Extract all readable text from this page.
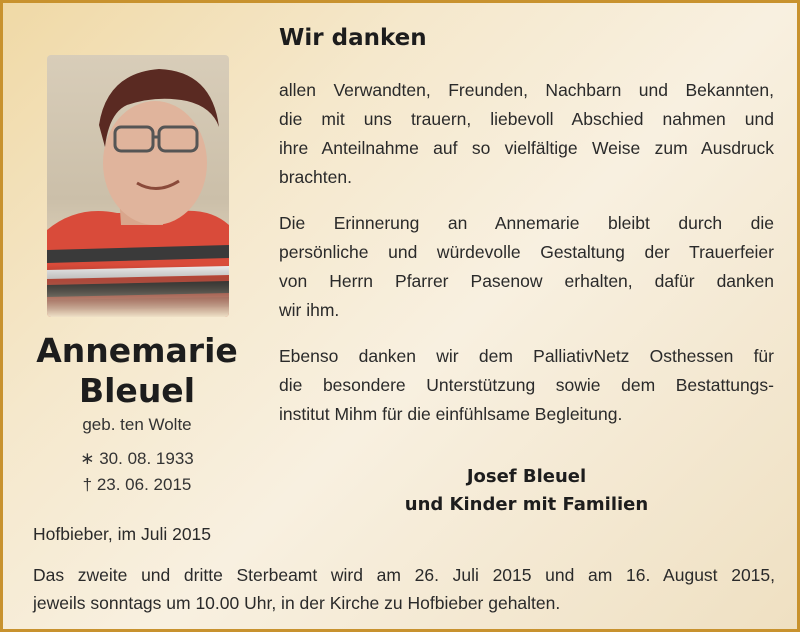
Annemarie
Bleuel
geb. ten Wolte
∗ 30. 08. 1933
† 23. 06. 2015
Wir danken
allen Verwandten, Freunden, Nachbarn und Bekannten,
die mit uns trauern, liebevoll Abschied nahmen und
ihre Anteilnahme auf so vielfältige Weise zum Ausdruck
brachten.
Die Erinnerung an Annemarie bleibt durch die
persönliche und würdevolle Gestaltung der Trauerfeier
von Herrn Pfarrer Pasenow erhalten, dafür danken
wir ihm.
Ebenso danken wir dem PalliativNetz Osthessen für
die besondere Unterstützung sowie dem Bestattungs-
institut Mihm für die einfühlsame Begleitung.
Josef Bleuel
und Kinder mit Familien
Hofbieber, im Juli 2015
Das zweite und dritte Sterbeamt wird am 26. Juli 2015 und am 16. August 2015,
jeweils sonntags um 10.00 Uhr, in der Kirche zu Hofbieber gehalten.
